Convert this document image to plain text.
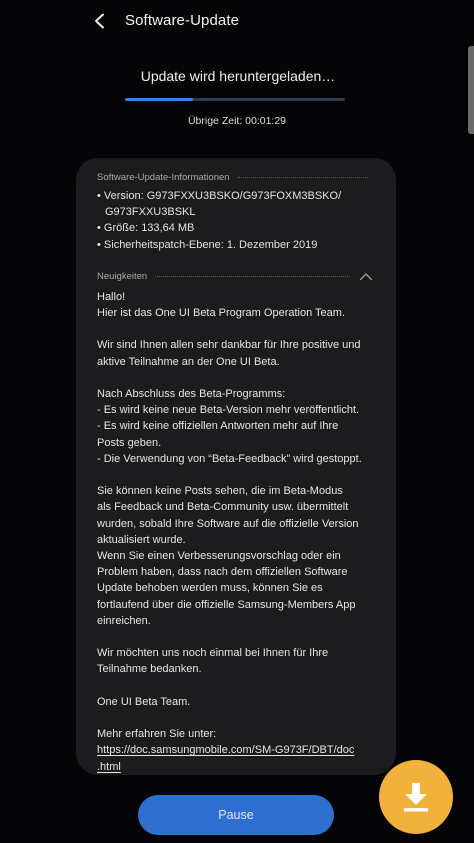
Software-Update
Update wird heruntergeladen…
Übrige Zeit: 00:01:29
Software-Update-Informationen
• Version: G973FXXU3BSKO/G973FOXM3BSKO/
G973FXXU3BSKL
• Größe: 133,64 MB
• Sicherheitspatch-Ebene: 1. Dezember 2019
Neuigkeiten
Hallo!
Hier ist das One UI Beta Program Operation Team.
Wir sind Ihnen allen sehr dankbar für Ihre positive und
aktive Teilnahme an der One UI Beta.
Nach Abschluss des Beta-Programms:
- Es wird keine neue Beta-Version mehr veröffentlicht.
- Es wird keine offiziellen Antworten mehr auf Ihre
Posts geben.
- Die Verwendung von “Beta-Feedback” wird gestoppt.
Sie können keine Posts sehen, die im Beta-Modus
als Feedback und Beta-Community usw. übermittelt
wurden, sobald Ihre Software auf die offizielle Version
aktualisiert wurde.
Wenn Sie einen Verbesserungsvorschlag oder ein
Problem haben, dass nach dem offiziellen Software
Update behoben werden muss, können Sie es
fortlaufend über die offizielle Samsung-Members App
einreichen.
Wir möchten uns noch einmal bei Ihnen für Ihre
Teilnahme bedanken.
One UI Beta Team.
Mehr erfahren Sie unter:
https://doc.samsungmobile.com/SM-G973F/DBT/doc
.html
Pause
